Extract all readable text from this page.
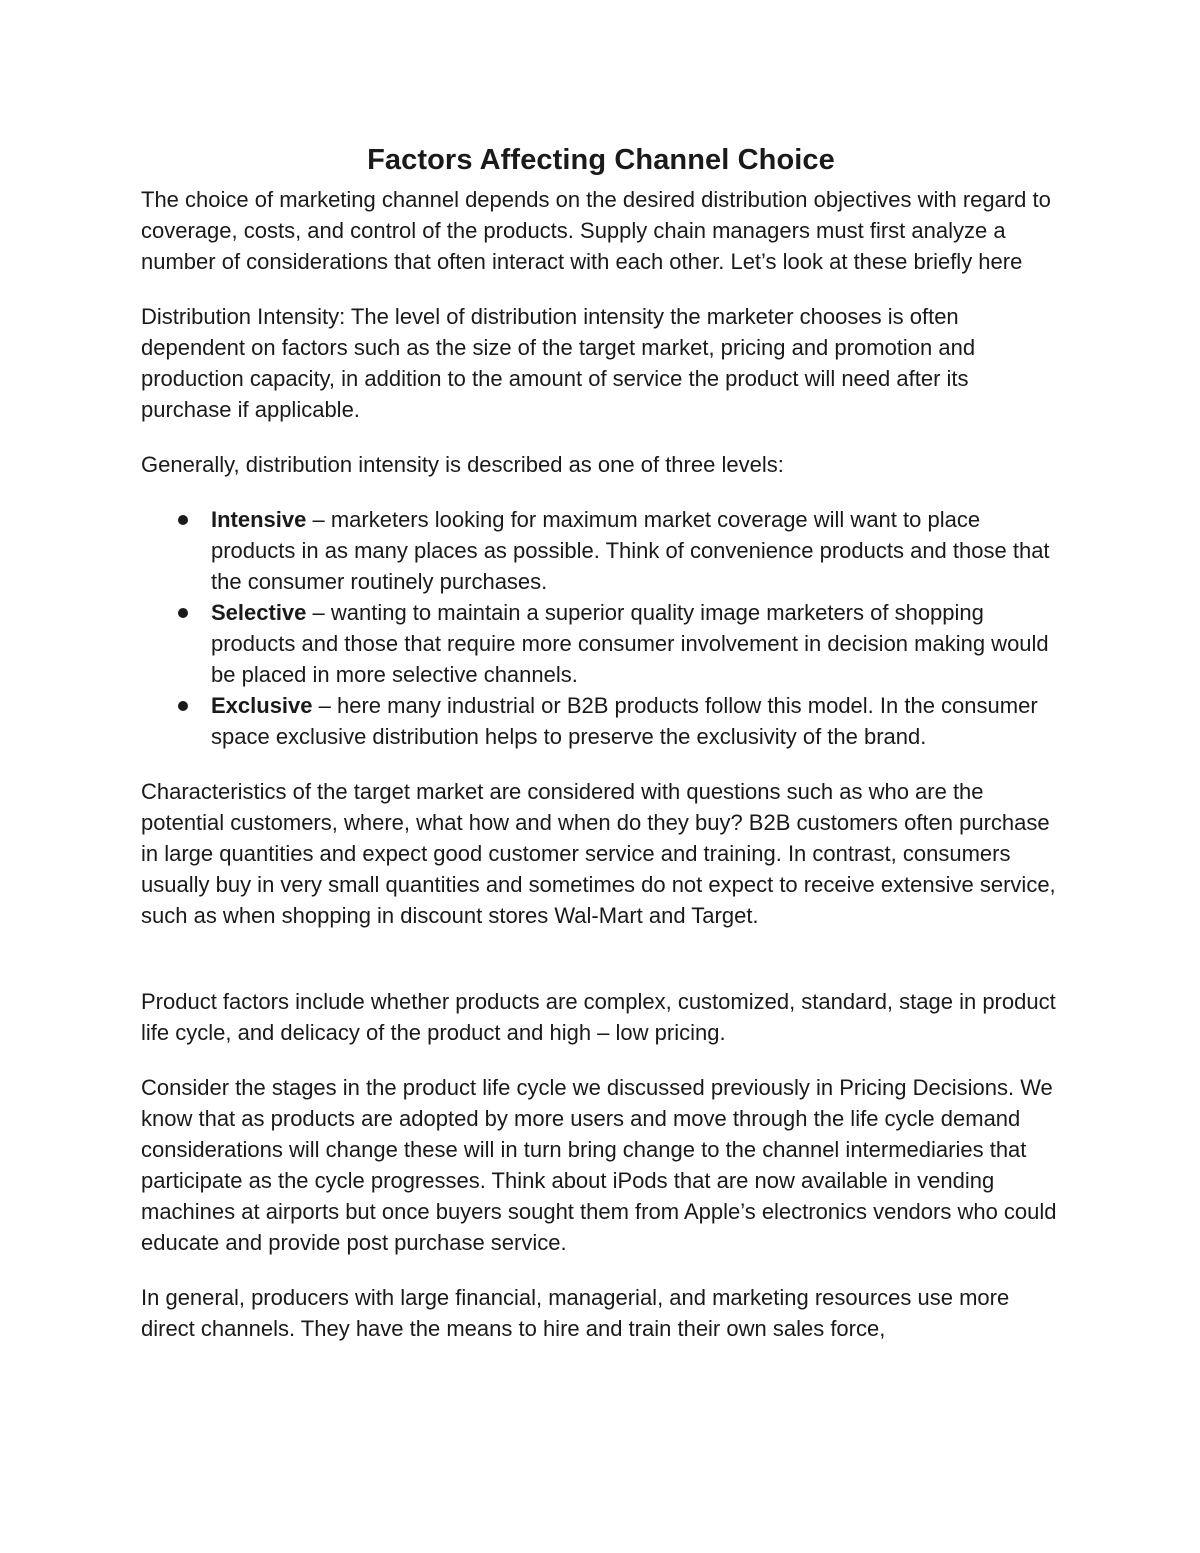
Factors Affecting Channel Choice

The choice of marketing channel depends on the desired distribution objectives with regard to coverage, costs, and control of the products. Supply chain managers must first analyze a number of considerations that often interact with each other. Let’s look at these briefly here

Distribution Intensity: The level of distribution intensity the marketer chooses is often dependent on factors such as the size of the target market, pricing and promotion and production capacity, in addition to the amount of service the product will need after its purchase if applicable.

Generally, distribution intensity is described as one of three levels:

Intensive – marketers looking for maximum market coverage will want to place products in as many places as possible. Think of convenience products and those that the consumer routinely purchases.
Selective – wanting to maintain a superior quality image marketers of shopping products and those that require more consumer involvement in decision making would be placed in more selective channels.
Exclusive – here many industrial or B2B products follow this model. In the consumer space exclusive distribution helps to preserve the exclusivity of the brand.

Characteristics of the target market are considered with questions such as who are the potential customers, where, what how and when do they buy? B2B customers often purchase in large quantities and expect good customer service and training. In contrast, consumers usually buy in very small quantities and sometimes do not expect to receive extensive service, such as when shopping in discount stores Wal-Mart and Target.

Product factors include whether products are complex, customized, standard, stage in product life cycle, and delicacy of the product and high – low pricing.

Consider the stages in the product life cycle we discussed previously in Pricing Decisions. We know that as products are adopted by more users and move through the life cycle demand considerations will change these will in turn bring change to the channel intermediaries that participate as the cycle progresses. Think about iPods that are now available in vending machines at airports but once buyers sought them from Apple’s electronics vendors who could educate and provide post purchase service.

In general, producers with large financial, managerial, and marketing resources use more direct channels. They have the means to hire and train their own sales force,
